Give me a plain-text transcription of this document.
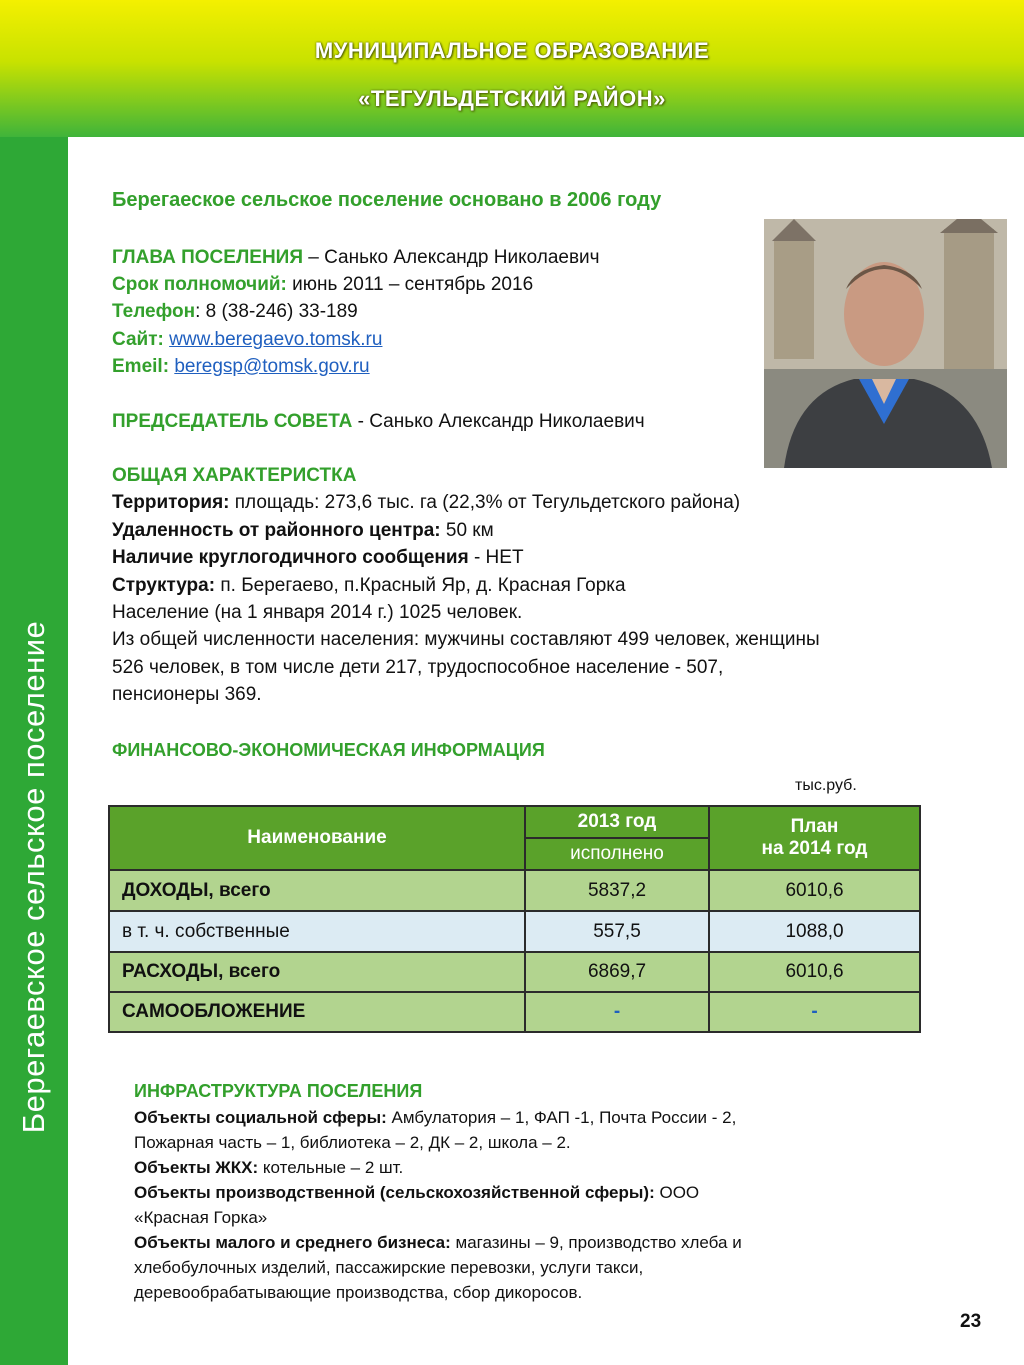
МУНИЦИПАЛЬНОЕ ОБРАЗОВАНИЕ
«ТЕГУЛЬДЕТСКИЙ РАЙОН»
Берегаевское сельское поселение
Берегаеское сельское поселение основано в 2006 году
ГЛАВА ПОСЕЛЕНИЯ – Санько Александр Николаевич
Срок полномочий: июнь 2011 – сентябрь 2016
Телефон: 8 (38-246) 33-189
Сайт: www.beregaevo.tomsk.ru
Emeil: beregsp@tomsk.gov.ru
ПРЕДСЕДАТЕЛЬ СОВЕТА - Санько Александр Николаевич
ОБЩАЯ ХАРАКТЕРИСТКА
Территория: площадь: 273,6 тыс. га (22,3% от Тегульдетского района)
Удаленность от районного центра: 50 км
Наличие круглогодичного сообщения - НЕТ
Структура: п. Берегаево, п.Красный Яр, д. Красная Горка
Население (на 1 января 2014 г.) 1025 человек.
Из общей численности населения: мужчины составляют 499 человек, женщины
526 человек, в том числе дети 217, трудоспособное население - 507,
пенсионеры 369.
ФИНАНСОВО-ЭКОНОМИЧЕСКАЯ ИНФОРМАЦИЯ
тыс.руб.
Наименование	2013 год	План
на 2014 год

	исполнено	
ДОХОДЫ, всего	5837,2	6010,6
в т. ч. собственные	557,5	1088,0
РАСХОДЫ, всего	6869,7	6010,6
САМООБЛОЖЕНИЕ	-	-
ИНФРАСТРУКТУРА ПОСЕЛЕНИЯ
Объекты социальной сферы: Амбулатория – 1, ФАП -1, Почта России - 2,
Пожарная часть – 1, библиотека – 2, ДК – 2, школа – 2.
Объекты ЖКХ: котельные – 2 шт.
Объекты производственной (сельскохозяйственной сферы): ООО
«Красная Горка»
Объекты малого и среднего бизнеса: магазины – 9, производство хлеба и
хлебобулочных изделий, пассажирские перевозки, услуги такси,
деревообрабатывающие производства, сбор дикоросов.
23
